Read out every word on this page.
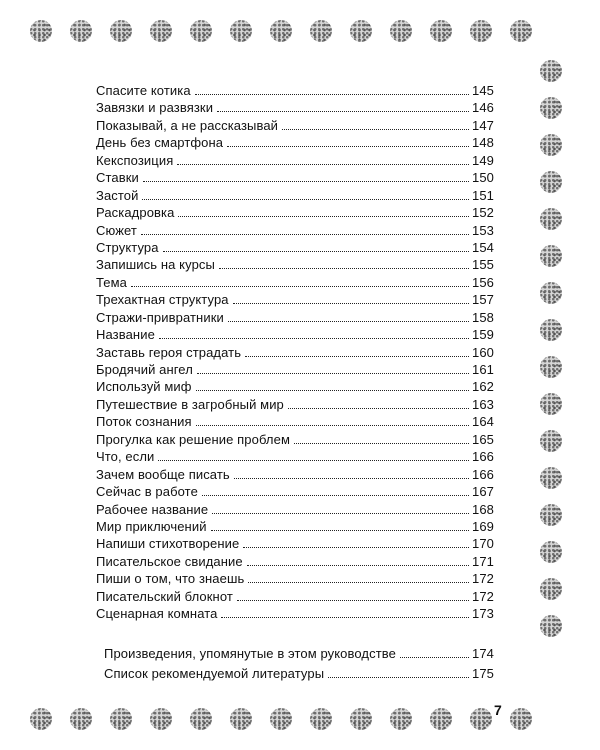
Спасите котика	145
Завязки и развязки	146
Показывай, а не рассказывай	147
День без смартфона	148
Кекспозиция	149
Ставки	150
Застой	151
Раскадровка	152
Сюжет	153
Структура	154
Запишись на курсы	155
Тема	156
Трехактная структура	157
Стражи-привратники	158
Название	159
Заставь героя страдать	160
Бродячий ангел	161
Используй миф	162
Путешествие в загробный мир	163
Поток сознания	164
Прогулка как решение проблем	165
Что, если	166
Зачем вообще писать	166
Сейчас в работе	167
Рабочее название	168
Мир приключений	169
Напиши стихотворение	170
Писательское свидание	171
Пиши о том, что знаешь	172
Писательский блокнот	172
Сценарная комната	173
Произведения, упомянутые в этом руководстве	174
Список рекомендуемой литературы	175
7
